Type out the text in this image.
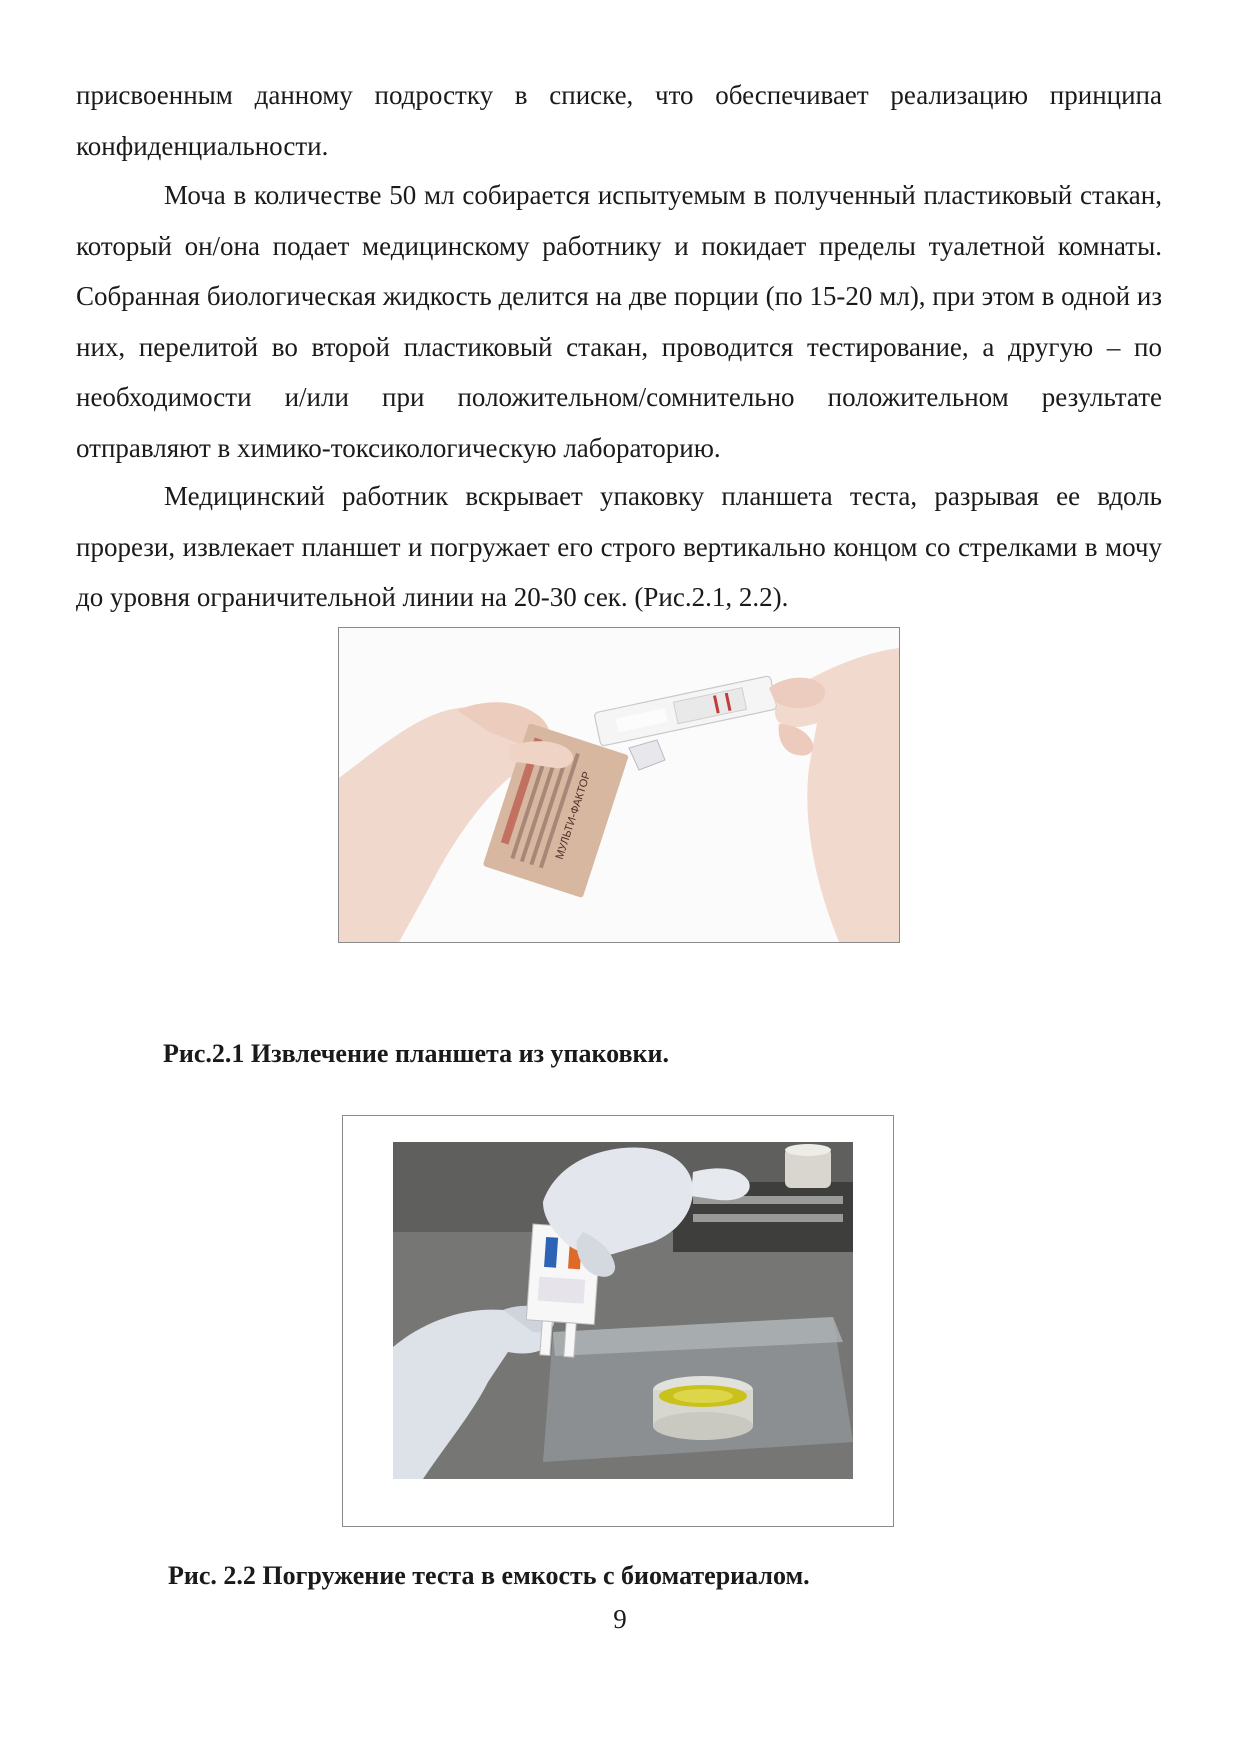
присвоенным данному подростку в списке, что обеспечивает реализацию принципа конфиденциальности.

Моча в количестве 50 мл собирается испытуемым в полученный пластиковый стакан, который он/она подает медицинскому работнику и покидает пределы туалетной комнаты. Собранная биологическая жидкость делится на две порции (по 15-20 мл), при этом в одной из них, перелитой во второй пластиковый стакан, проводится тестирование, а другую – по необходимости и/или при положительном/сомнительно положительном результате отправляют в химико-токсикологическую лабораторию.

Медицинский работник вскрывает упаковку планшета теста, разрывая ее вдоль прорези, извлекает планшет и погружает его строго вертикально концом со стрелками в мочу до уровня ограничительной линии на 20-30 сек. (Рис.2.1, 2.2).

МУЛЬТИ-ФАКТОР

Рис.2.1 Извлечение планшета из упаковки.

Рис. 2.2 Погружение теста в емкость с биоматериалом.

9
